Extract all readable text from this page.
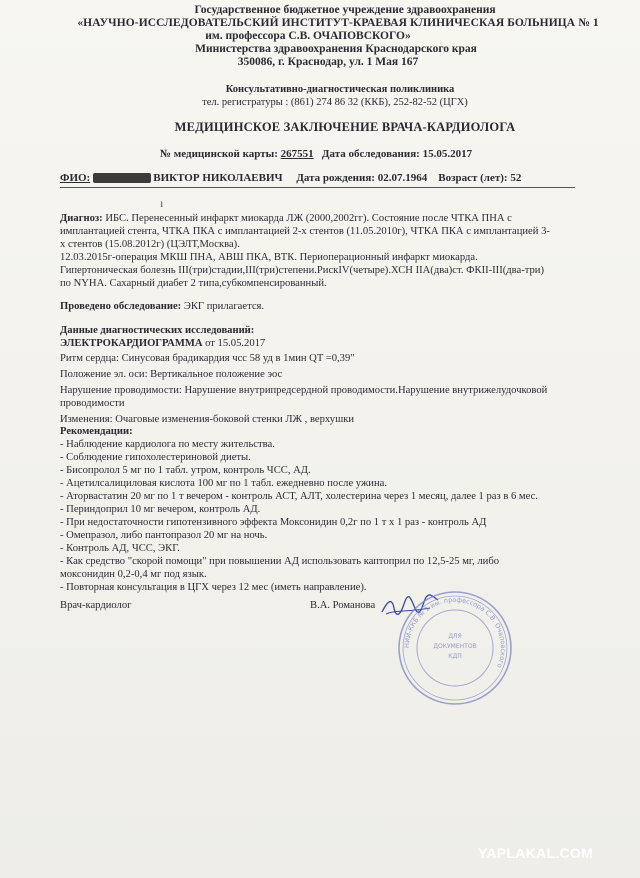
Государственное бюджетное учреждение здравоохранения
«НАУЧНО-ИССЛЕДОВАТЕЛЬСКИЙ ИНСТИТУТ-КРАЕВАЯ КЛИНИЧЕСКАЯ БОЛЬНИЦА № 1
им. профессора С.В. ОЧАПОВСКОГО»
Министерства здравоохранения Краснодарского края
350086, г. Краснодар, ул. 1 Мая 167
Консультативно-диагностическая поликлиника
тел. регистратуры : (861) 274 86 32 (ККБ), 252-82-52 (ЦГХ)
МЕДИЦИНСКОЕ ЗАКЛЮЧЕНИЕ ВРАЧА-КАРДИОЛОГА
№ медицинской карты: 267551 Дата обследования: 15.05.2017
ФИО:	ВИКТОР НИКОЛАЕВИЧ Дата рождения: 02.07.1964 Возраст (лет): 52
ı
Диагноз: ИБС. Перенесенный инфаркт миокарда ЛЖ (2000,2002гг). Состояние после ЧТКА ПНА с
имплантацией стента, ЧТКА ПКА с имплантацией 2-х стентов (11.05.2010г), ЧТКА ПКА с имплантацией 3-
х стентов (15.08.2012г) (ЦЭЛТ,Москва).
12.03.2015г-операция МКШ ПНА, АВШ ПКА, ВТК. Периоперационный инфаркт миокарда.
Гипертоническая болезнь III(три)стадии,III(три)степени.РискIV(четыре).ХСН IIА(два)ст. ФКII-III(два-три)
по NYHA. Сахарный диабет 2 типа,субкомпенсированный.
Проведено обследование: ЭКГ прилагается.
Данные диагностических исследований:
ЭЛЕКТРОКАРДИОГРАММА от 15.05.2017
Ритм сердца: Синусовая брадикардия чсс 58 уд в 1мин QT =0,39"
Положение эл. оси: Вертикальное положение эос
Нарушение проводимости: Нарушение внутрипредсердной проводимости.Нарушение внутрижелудочковой
проводимости
Изменения: Очаговые изменения-боковой стенки ЛЖ , верхушки
Рекомендации:
- Наблюдение кардиолога по месту жительства.
- Соблюдение гипохолестериновой диеты.
- Бисопролол 5 мг по 1 табл. утром, контроль ЧСС, АД.
- Ацетилсалициловая кислота 100 мг по 1 табл. ежедневно после ужина.
- Аторвастатин 20 мг по 1 т вечером - контроль АСТ, АЛТ, холестерина через 1 месяц, далее 1 раз в 6 мес.
- Периндоприл 10 мг вечером, контроль АД.
- При недостаточности гипотензивного эффекта Моксонидин 0,2г по 1 т х 1 раз - контроль АД
- Омепразол, либо пантопразол 20 мг на ночь.
- Контроль АД, ЧСС, ЭКГ.
- Как средство "скорой помощи" при повышении АД использовать каптоприл по 12,5-25 мг, либо
моксонидин 0,2-0,4 мг под язык.
- Повторная консультация в ЦГХ через 12 мес (иметь направление).
Врач-кардиолог	В.А. Романова
НИИ-ККБ № 1 им. профессора С.В. Очаповского
ДЛЯ
ДОКУМЕНТОВ
КДП
YAPLAKAL.COM
